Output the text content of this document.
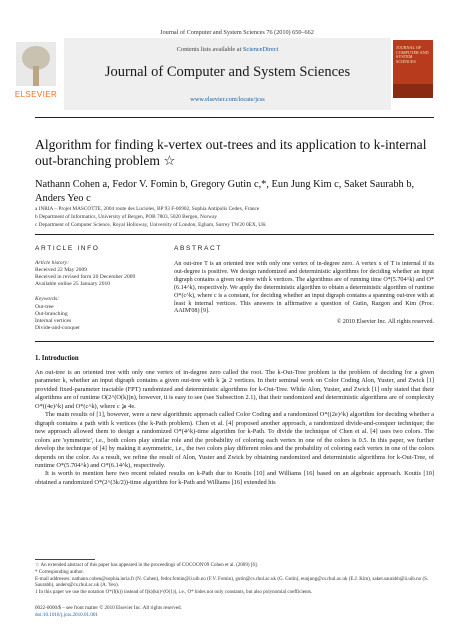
Journal of Computer and System Sciences 76 (2010) 650–662
Contents lists available at ScienceDirect
Journal of Computer and System Sciences
www.elsevier.com/locate/jcss
ELSEVIER
JOURNAL OF COMPUTER AND SYSTEM SCIENCES
Algorithm for finding k-vertex out-trees and its application to k-internal out-branching problem ☆
Nathann Cohen a, Fedor V. Fomin b, Gregory Gutin c,*, Eun Jung Kim c, Saket Saurabh b, Anders Yeo c
a INRIA – Projet MASCOTTE, 2004 route des Lucioles, BP 93 F-06902, Sophia Antipolis Cedex, France
b Department of Informatics, University of Bergen, POB 7803, 5020 Bergen, Norway
c Department of Computer Science, Royal Holloway, University of London, Egham, Surrey TW20 0EX, UK
ARTICLE INFO
Article history:
Received 22 May 2009
Received in revised form 20 December 2009
Available online 25 January 2010
Keywords:
Out-tree
Out-branching
Internal vertices
Divide-and-conquer
ABSTRACT
An out-tree T is an oriented tree with only one vertex of in-degree zero. A vertex x of T is internal if its out-degree is positive. We design randomized and deterministic algorithms for deciding whether an input digraph contains a given out-tree with k vertices. The algorithms are of running time O*(5.704^k) and O*(6.14^k), respectively. We apply the deterministic algorithm to obtain a deterministic algorithm of runtime O*(c^k), where c is a constant, for deciding whether an input digraph contains a spanning out-tree with at least k internal vertices. This answers in affirmative a question of Gutin, Razgon and Kim (Proc. AAIM'08) [9].
© 2010 Elsevier Inc. All rights reserved.
1. Introduction

An out-tree is an oriented tree with only one vertex of in-degree zero called the root. The k-Out-Tree problem is the problem of deciding for a given parameter k, whether an input digraph contains a given out-tree with k ⩾ 2 vertices. In their seminal work on Color Coding Alon, Yuster, and Zwick [1] provided fixed-parameter tractable (FPT) randomized and deterministic algorithms for k-Out-Tree. While Alon, Yuster, and Zwick [1] only stated that their algorithms are of runtime O(2^(O(k))n), however, it is easy to see (see Subsection 2.1), that their randomized and deterministic algorithms are of complexity O*((4e)^k) and O*(c^k), where c ⩾ 4e.

The main results of [1], however, were a new algorithmic approach called Color Coding and a randomized O*((2e)^k) algorithm for deciding whether a digraph contains a path with k vertices (the k-Path problem). Chen et al. [4] proposed another approach, a randomized divide-and-conquer technique; the new approach allowed them to design a randomized O*(4^k)-time algorithm for k-Path. To divide the technique of Chen et al. [4] uses two colors. The colors are 'symmetric', i.e., both colors play similar role and the probability of coloring each vertex in one of the colors is 0.5. In this paper, we further develop the technique of [4] by making it asymmetric, i.e., the two colors play different roles and the probability of coloring each vertex in one of the colors depends on the color. As a result, we refine the result of Alon, Yuster and Zwick by obtaining randomized and deterministic algorithms for k-Out-Tree, of runtime O*(5.704^k) and O*(6.14^k), respectively.

It is worth to mention here two recent related results on k-Path due to Koutis [10] and Williams [16] based on an algebraic approach. Koutis [10] obtained a randomized O*(2^(3k/2))-time algorithm for k-Path and Williams [16] extended his

☆ An extended abstract of this paper has appeared in the proceedings of COCOON'09 Cohen et al. (2009) [6].
* Corresponding author.
E-mail addresses: nathann.cohen@sophia.inria.fr (N. Cohen), fedor.fomin@ii.uib.no (F.V. Fomin), gutin@cs.rhul.ac.uk (G. Gutin), eunjung@cs.rhul.ac.uk (E.J. Kim), saket.saurabh@ii.uib.no (S. Saurabh), anders@cs.rhul.ac.uk (A. Yeo).
1 In this paper we use the notation O*(f(k)) instead of f(k)(kn)^(O(1)), i.e., O* hides not only constants, but also polynomial coefficients.
0022-0000/$ – see front matter © 2010 Elsevier Inc. All rights reserved.
doi:10.1016/j.jcss.2010.01.001
